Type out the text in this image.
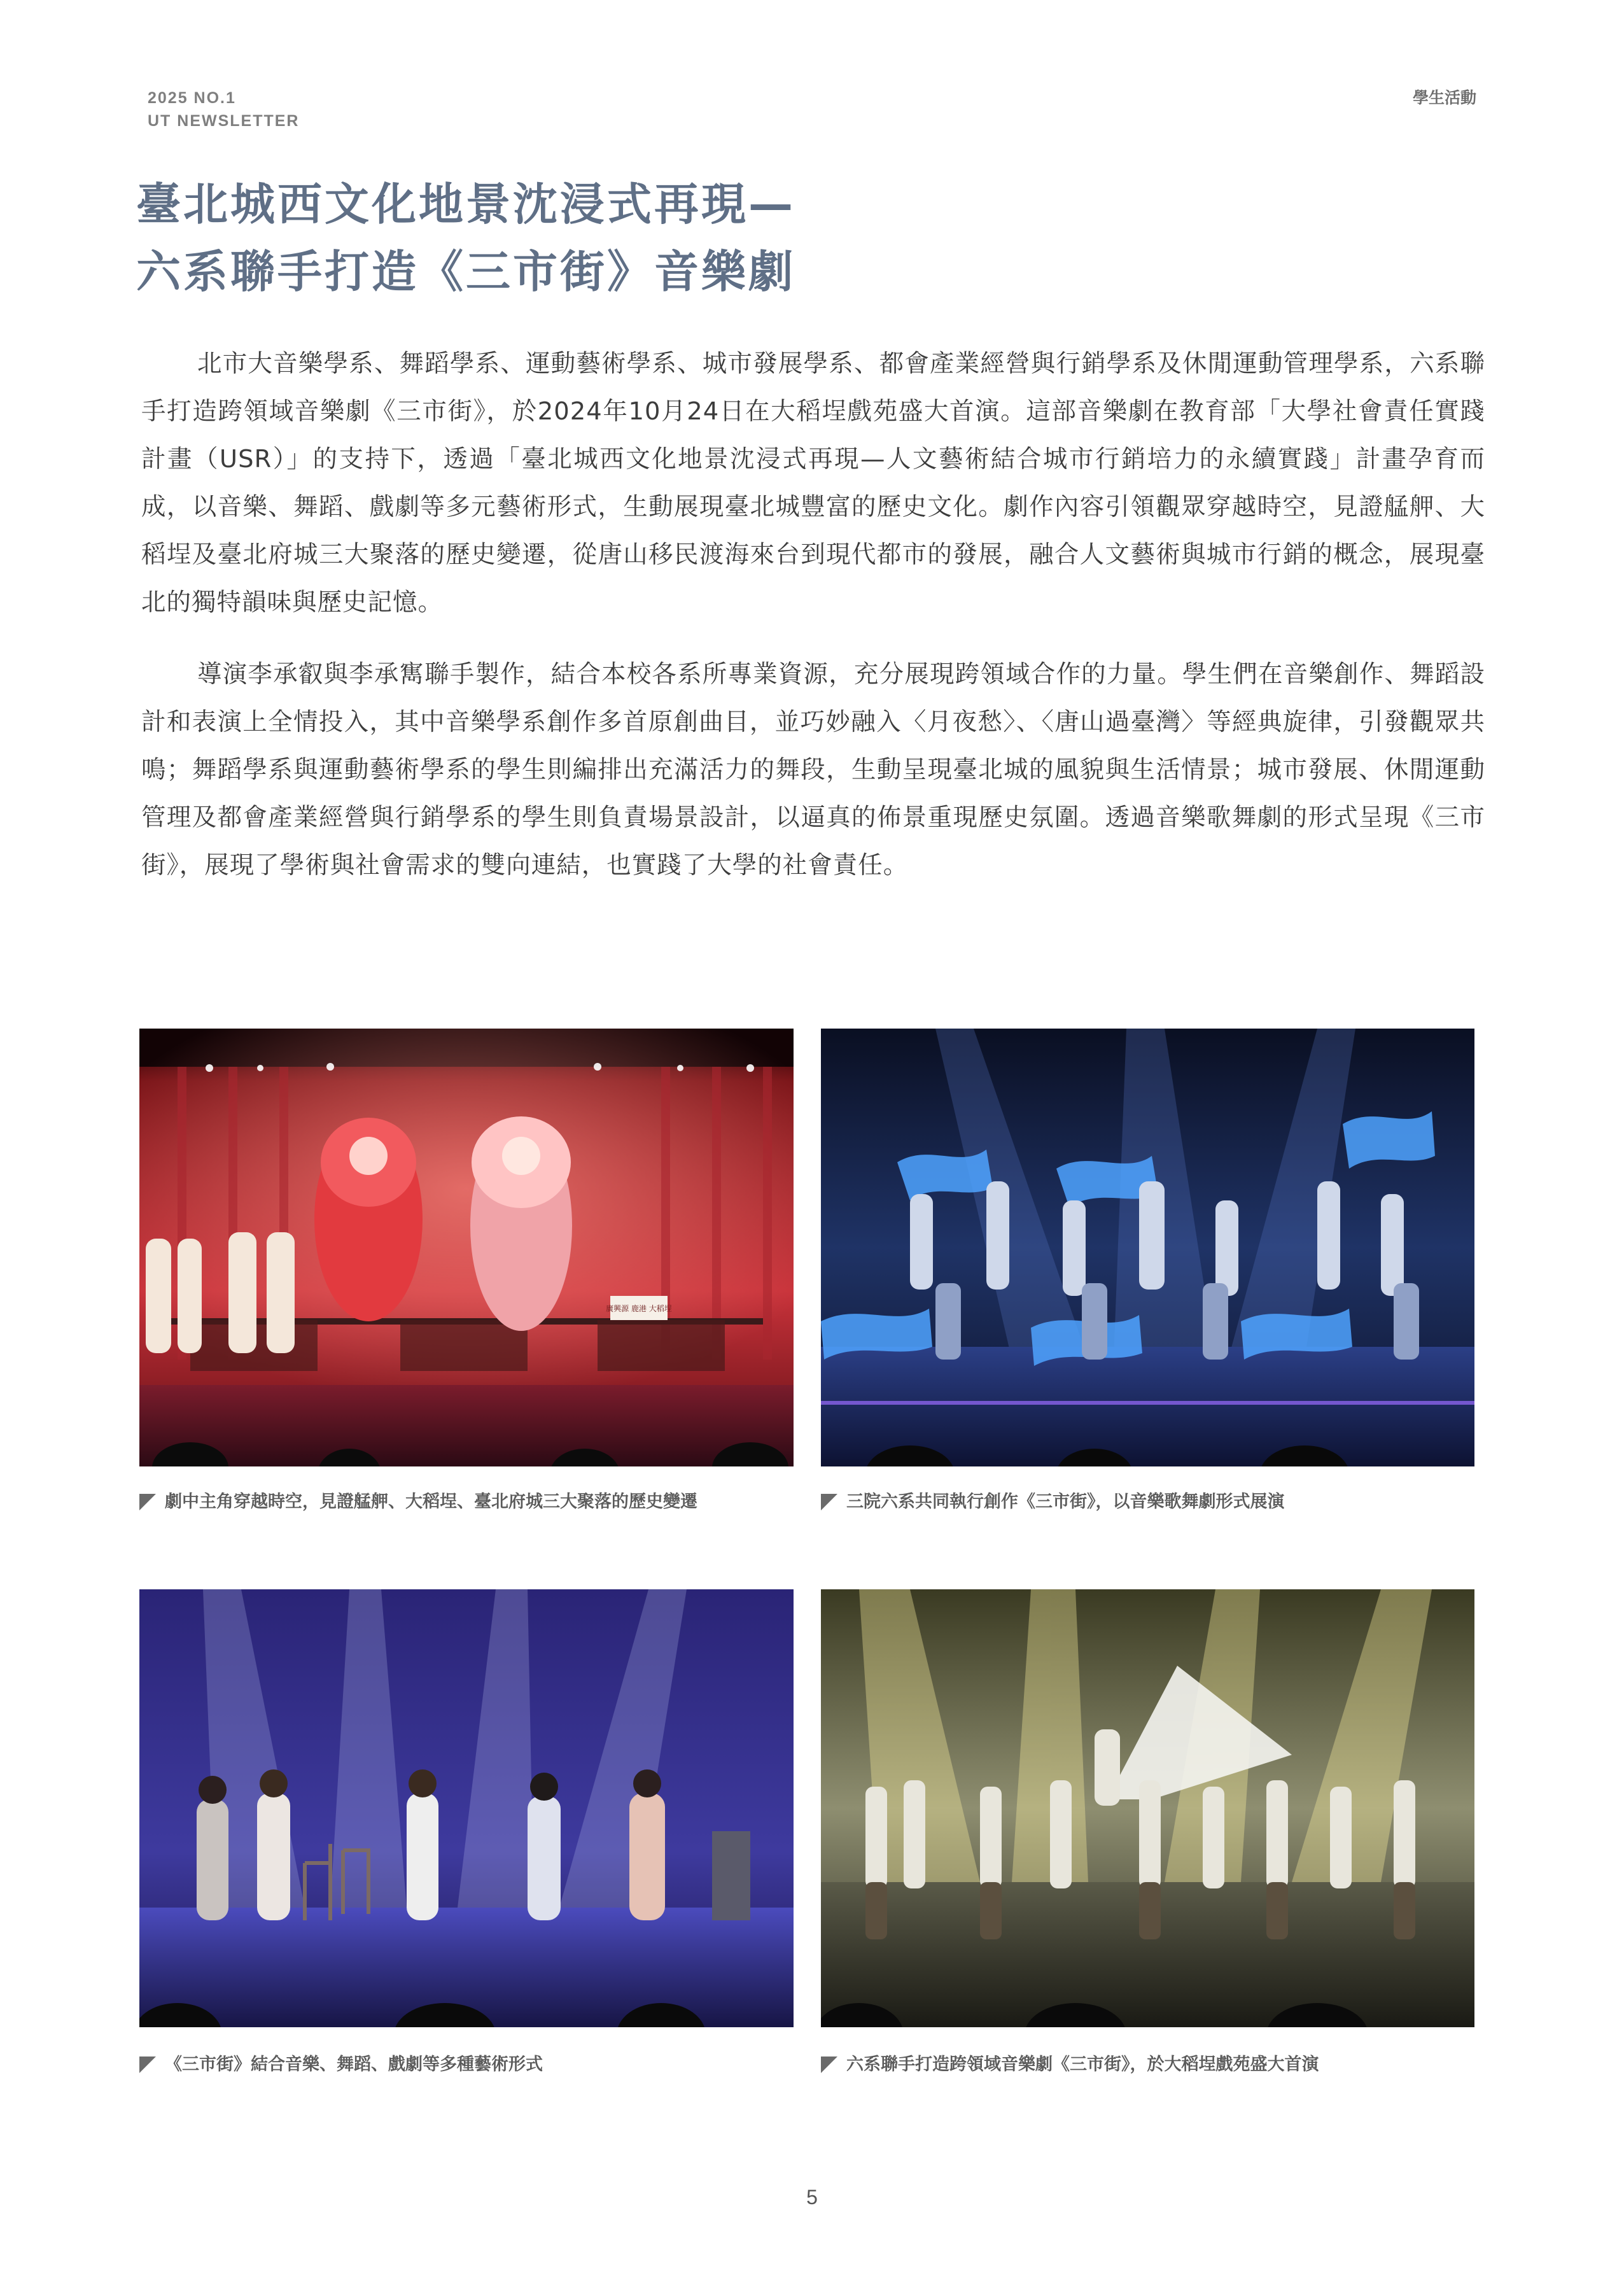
2025 NO.1
UT NEWSLETTER
學生活動
臺北城西文化地景沈浸式再現—
六系聯手打造《三市街》音樂劇

北市大音樂學系、舞蹈學系、運動藝術學系、城市發展學系、都會產業經營與行銷學系及休閒運動管理學系，六系聯手打造跨領域音樂劇《三市街》，於2024年10月24日在大稻埕戲苑盛大首演。這部音樂劇在教育部「大學社會責任實踐計畫（USR）」的支持下，透過「臺北城西文化地景沈浸式再現—人文藝術結合城市行銷培力的永續實踐」計畫孕育而成，以音樂、舞蹈、戲劇等多元藝術形式，生動展現臺北城豐富的歷史文化。劇作內容引領觀眾穿越時空，見證艋舺、大稻埕及臺北府城三大聚落的歷史變遷，從唐山移民渡海來台到現代都市的發展，融合人文藝術與城市行銷的概念，展現臺北的獨特韻味與歷史記憶。

導演李承叡與李承寯聯手製作，結合本校各系所專業資源，充分展現跨領域合作的力量。學生們在音樂創作、舞蹈設計和表演上全情投入，其中音樂學系創作多首原創曲目，並巧妙融入〈月夜愁〉、〈唐山過臺灣〉等經典旋律，引發觀眾共鳴；舞蹈學系與運動藝術學系的學生則編排出充滿活力的舞段，生動呈現臺北城的風貌與生活情景；城市發展、休閒運動管理及都會產業經營與行銷學系的學生則負責場景設計，以逼真的佈景重現歷史氛圍。透過音樂歌舞劇的形式呈現《三市街》，展現了學術與社會需求的雙向連結，也實踐了大學的社會責任。

廣興源 鹿港 大稻埕
劇中主角穿越時空，見證艋舺、大稻埕、臺北府城三大聚落的歷史變遷	三院六系共同執行創作《三市街》，以音樂歌舞劇形式展演
《三市街》結合音樂、舞蹈、戲劇等多種藝術形式	六系聯手打造跨領域音樂劇《三市街》，於大稻埕戲苑盛大首演
5
